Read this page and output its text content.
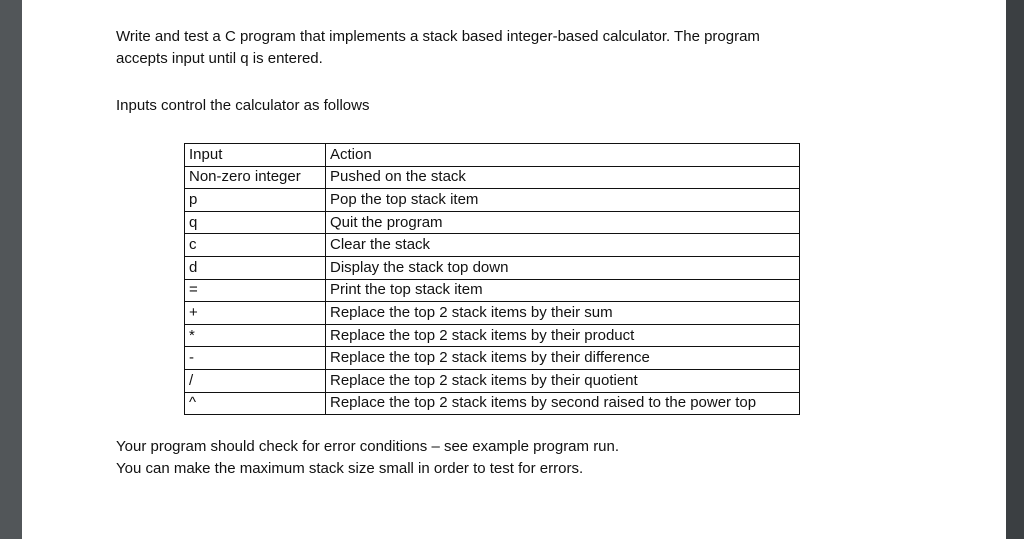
Write and test a C program that implements a stack based integer-based calculator. The program
accepts input until q is entered.
Inputs control the calculator as follows
Input	Action
Non-zero integer	Pushed on the stack
p	Pop the top stack item
q	Quit the program
c	Clear the stack
d	Display the stack top down
=	Print the top stack item
+	Replace the top 2 stack items by their sum
*	Replace the top 2 stack items by their product
-	Replace the top 2 stack items by their difference
/	Replace the top 2 stack items by their quotient
^	Replace the top 2 stack items by second raised to the power top
Your program should check for error conditions – see example program run.
You can make the maximum stack size small in order to test for errors.
